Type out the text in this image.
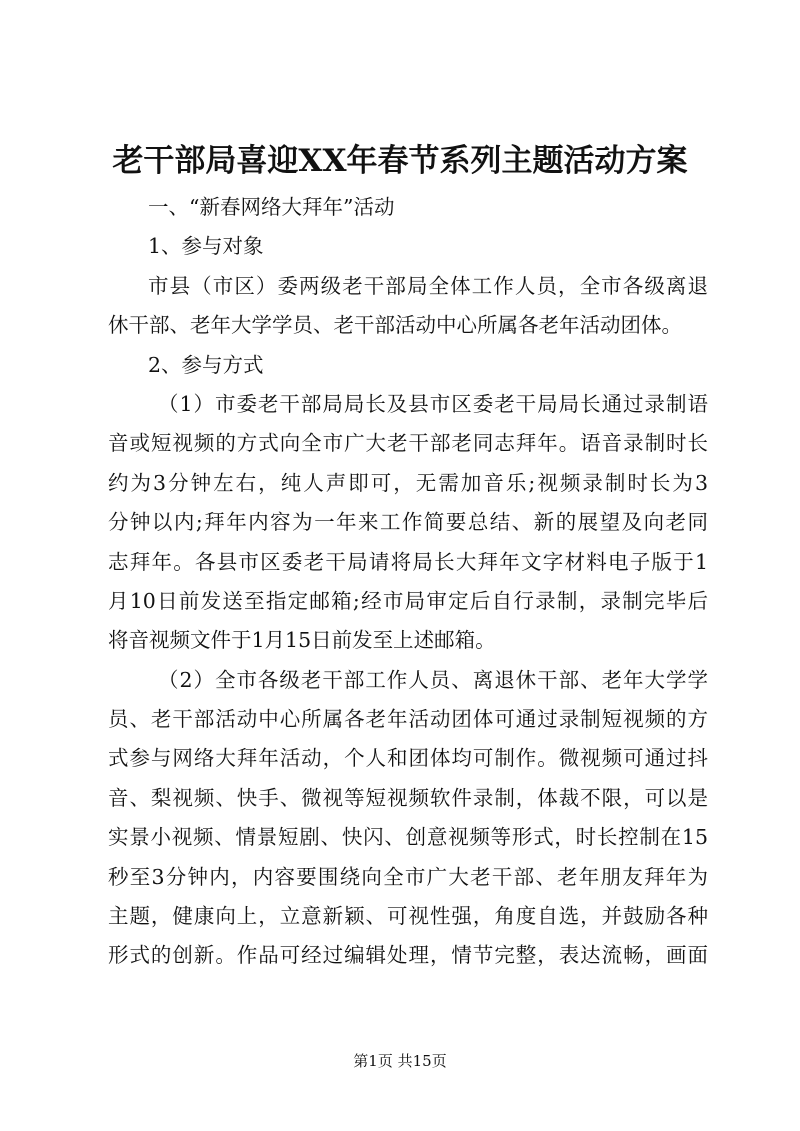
老干部局喜迎XX年春节系列主题活动方案
一、“新春网络大拜年”活动
1、参与对象
市县（市区）委两级老干部局全体工作人员，全市各级离退
休干部、老年大学学员、老干部活动中心所属各老年活动团体。
2、参与方式
（1）市委老干部局局长及县市区委老干局局长通过录制语
音或短视频的方式向全市广大老干部老同志拜年。语音录制时长
约为3分钟左右，纯人声即可，无需加音乐;视频录制时长为3
分钟以内;拜年内容为一年来工作简要总结、新的展望及向老同
志拜年。各县市区委老干局请将局长大拜年文字材料电子版于1
月10日前发送至指定邮箱;经市局审定后自行录制，录制完毕后
将音视频文件于1月15日前发至上述邮箱。
（2）全市各级老干部工作人员、离退休干部、老年大学学
员、老干部活动中心所属各老年活动团体可通过录制短视频的方
式参与网络大拜年活动，个人和团体均可制作。微视频可通过抖
音、梨视频、快手、微视等短视频软件录制，体裁不限，可以是
实景小视频、情景短剧、快闪、创意视频等形式，时长控制在15
秒至3分钟内，内容要围绕向全市广大老干部、老年朋友拜年为
主题，健康向上，立意新颖、可视性强，角度自选，并鼓励各种
形式的创新。作品可经过编辑处理，情节完整，表达流畅，画面
第1页 共15页
